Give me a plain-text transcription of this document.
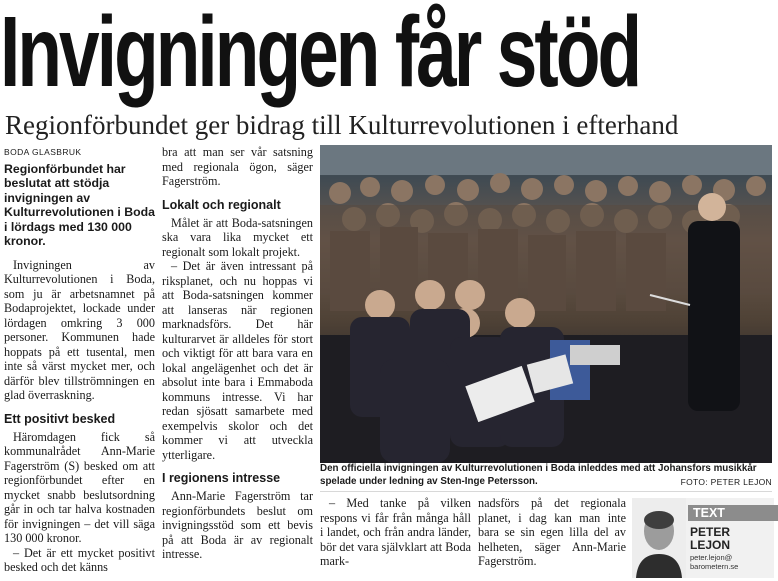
Invigningen får stöd
Regionförbundet ger bidrag till Kulturrevolutionen i efterhand
BODA GLASBRUK
Regionförbundet har beslutat att stödja invigningen av Kulturrevolutionen i Boda i lördags med 130 000 kronor.

Invigningen av Kulturrevolutionen i Boda, som ju är arbetsnamnet på Bodaprojektet, lockade under lördagen omkring 3 000 personer. Kommunen hade hoppats på ett tusental, men inte så värst mycket mer, och därför blev tillströmningen en glad överraskning.

Ett positivt besked

Häromdagen fick så kommunalrådet Ann-Marie Fagerström (S) besked om att regionförbundet efter en mycket snabb beslutsordning går in och tar halva kostnaden för invigningen – det vill säga 130 000 kronor.

– Det är ett mycket positivt besked och det känns

bra att man ser vår satsning med regionala ögon, säger Fagerström.

Lokalt och regionalt

Målet är att Boda-satsningen ska vara lika mycket ett regionalt som lokalt projekt.

– Det är även intressant på riksplanet, och nu hoppas vi att Boda-satsningen kommer att lanseras när regionen marknadsförs. Det här kulturarvet är alldeles för stort och viktigt för att bara vara en lokal angelägenhet och det är absolut inte bara i Emmaboda kommuns intresse. Vi har redan sjösatt samarbete med exempelvis skolor och det kommer vi att utveckla ytterligare.

I regionens intresse

Ann-Marie Fagerström tar regionförbundets beslut om invigningsstöd som ett bevis på att Boda är av regionalt intresse.

Den officiella invigningen av Kulturrevolutionen i Boda inleddes med att Johansfors musikkår spelade under ledning av Sten-Inge Petersson.	FOTO: PETER LEJON

– Med tanke på vilken respons vi får från många håll i landet, och från andra länder, bör det vara självklart att Boda mark-

nadsförs på det regionala planet, i dag kan man inte bara se sin egen lilla del av helheten, säger Ann-Marie Fagerström.

TEXT
PETER
LEJON
peter.lejon@
barometern.se
